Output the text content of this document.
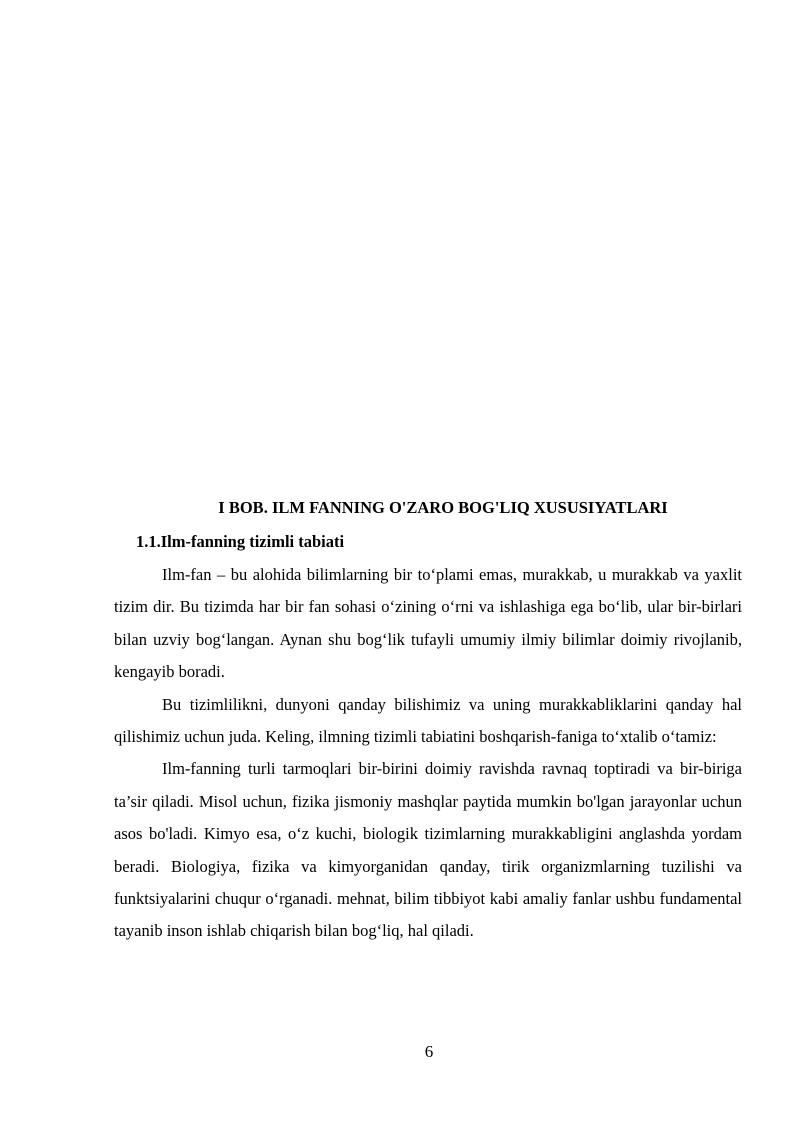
I BOB. ILM FANNING O'ZARO BOG'LIQ XUSUSIYATLARI
1.1.Ilm-fanning tizimli tabiati

Ilm-fan – bu alohida bilimlarning bir to‘plami emas, murakkab, u murakkab va yaxlit tizim dir. Bu tizimda har bir fan sohasi o‘zining o‘rni va ishlashiga ega bo‘lib, ular bir-birlari bilan uzviy bog‘langan. Aynan shu bog‘lik tufayli umumiy ilmiy bilimlar doimiy rivojlanib, kengayib boradi.

Bu tizimlilikni, dunyoni qanday bilishimiz va uning murakkabliklarini qanday hal qilishimiz uchun juda. Keling, ilmning tizimli tabiatini boshqarish-faniga to‘xtalib o‘tamiz:

Ilm-fanning turli tarmoqlari bir-birini doimiy ravishda ravnaq toptiradi va bir-biriga ta’sir qiladi. Misol uchun, fizika jismoniy mashqlar paytida mumkin bo'lgan jarayonlar uchun asos bo'ladi. Kimyo esa, o‘z kuchi, biologik tizimlarning murakkabligini anglashda yordam beradi. Biologiya, fizika va kimyorganidan qanday, tirik organizmlarning tuzilishi va funktsiyalarini chuqur o‘rganadi. mehnat, bilim tibbiyot kabi amaliy fanlar ushbu fundamental tayanib inson ishlab chiqarish bilan bog‘liq, hal qiladi.

6
